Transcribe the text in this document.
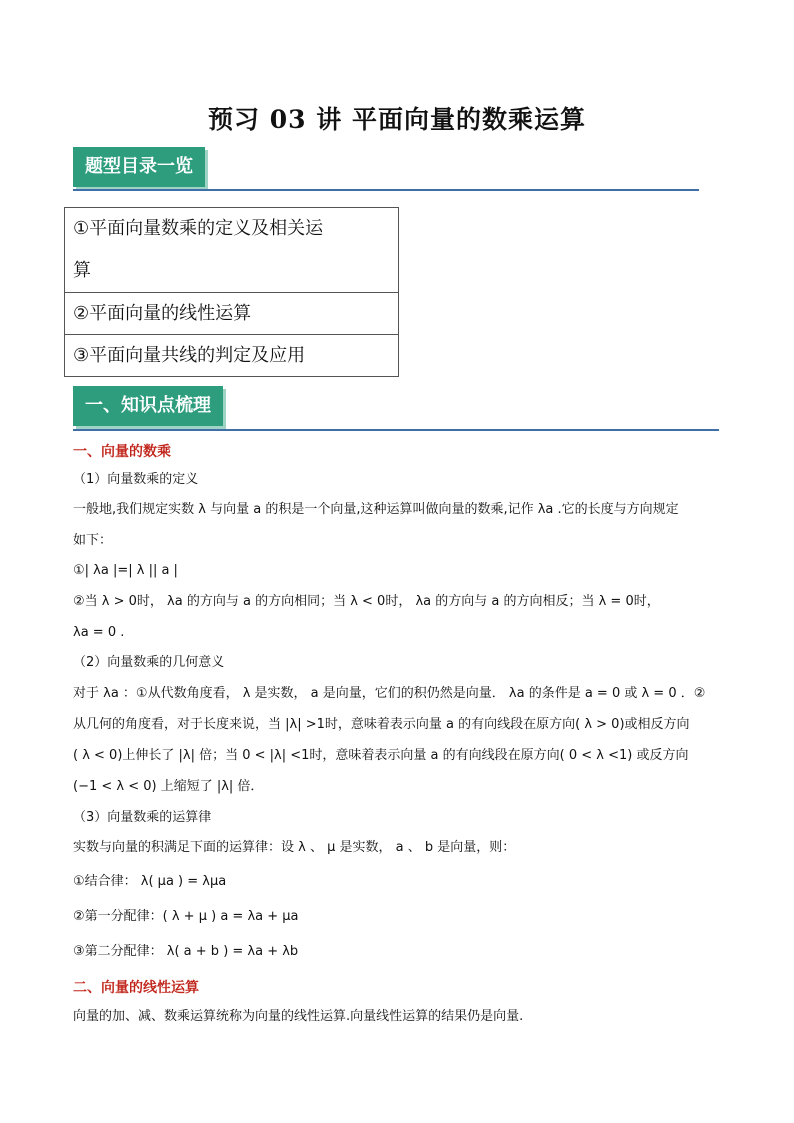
预习 03 讲 平面向量的数乘运算
题型目录一览
①平面向量数乘的定义及相关运
算
②平面向量的线性运算
③平面向量共线的判定及应用
一、知识点梳理
一、向量的数乘
（1）向量数乘的定义
一般地,我们规定实数 λ 与向量 a 的积是一个向量,这种运算叫做向量的数乘,记作 λa .它的长度与方向规定
如下：
①| λa |=| λ || a |
②当 λ > 0时， λa 的方向与 a 的方向相同；当 λ < 0时， λa 的方向与 a 的方向相反；当 λ = 0时，
λa = 0 .
（2）向量数乘的几何意义
对于 λa ：①从代数角度看， λ 是实数， a 是向量，它们的积仍然是向量． λa 的条件是 a = 0 或 λ = 0 ．②
从几何的角度看，对于长度来说，当 |λ| >1时，意味着表示向量 a 的有向线段在原方向( λ > 0)或相反方向
( λ < 0)上伸长了 |λ| 倍；当 0 < |λ| <1时，意味着表示向量 a 的有向线段在原方向( 0 < λ <1) 或反方向
(−1 < λ < 0) 上缩短了 |λ| 倍．
（3）向量数乘的运算律
实数与向量的积满足下面的运算律：设 λ 、 μ 是实数， a 、 b 是向量，则：
①结合律： λ( μa ) = λμa
②第一分配律：( λ + μ ) a = λa + μa
③第二分配律： λ( a + b ) = λa + λb
二、向量的线性运算
向量的加、减、数乘运算统称为向量的线性运算.向量线性运算的结果仍是向量.
